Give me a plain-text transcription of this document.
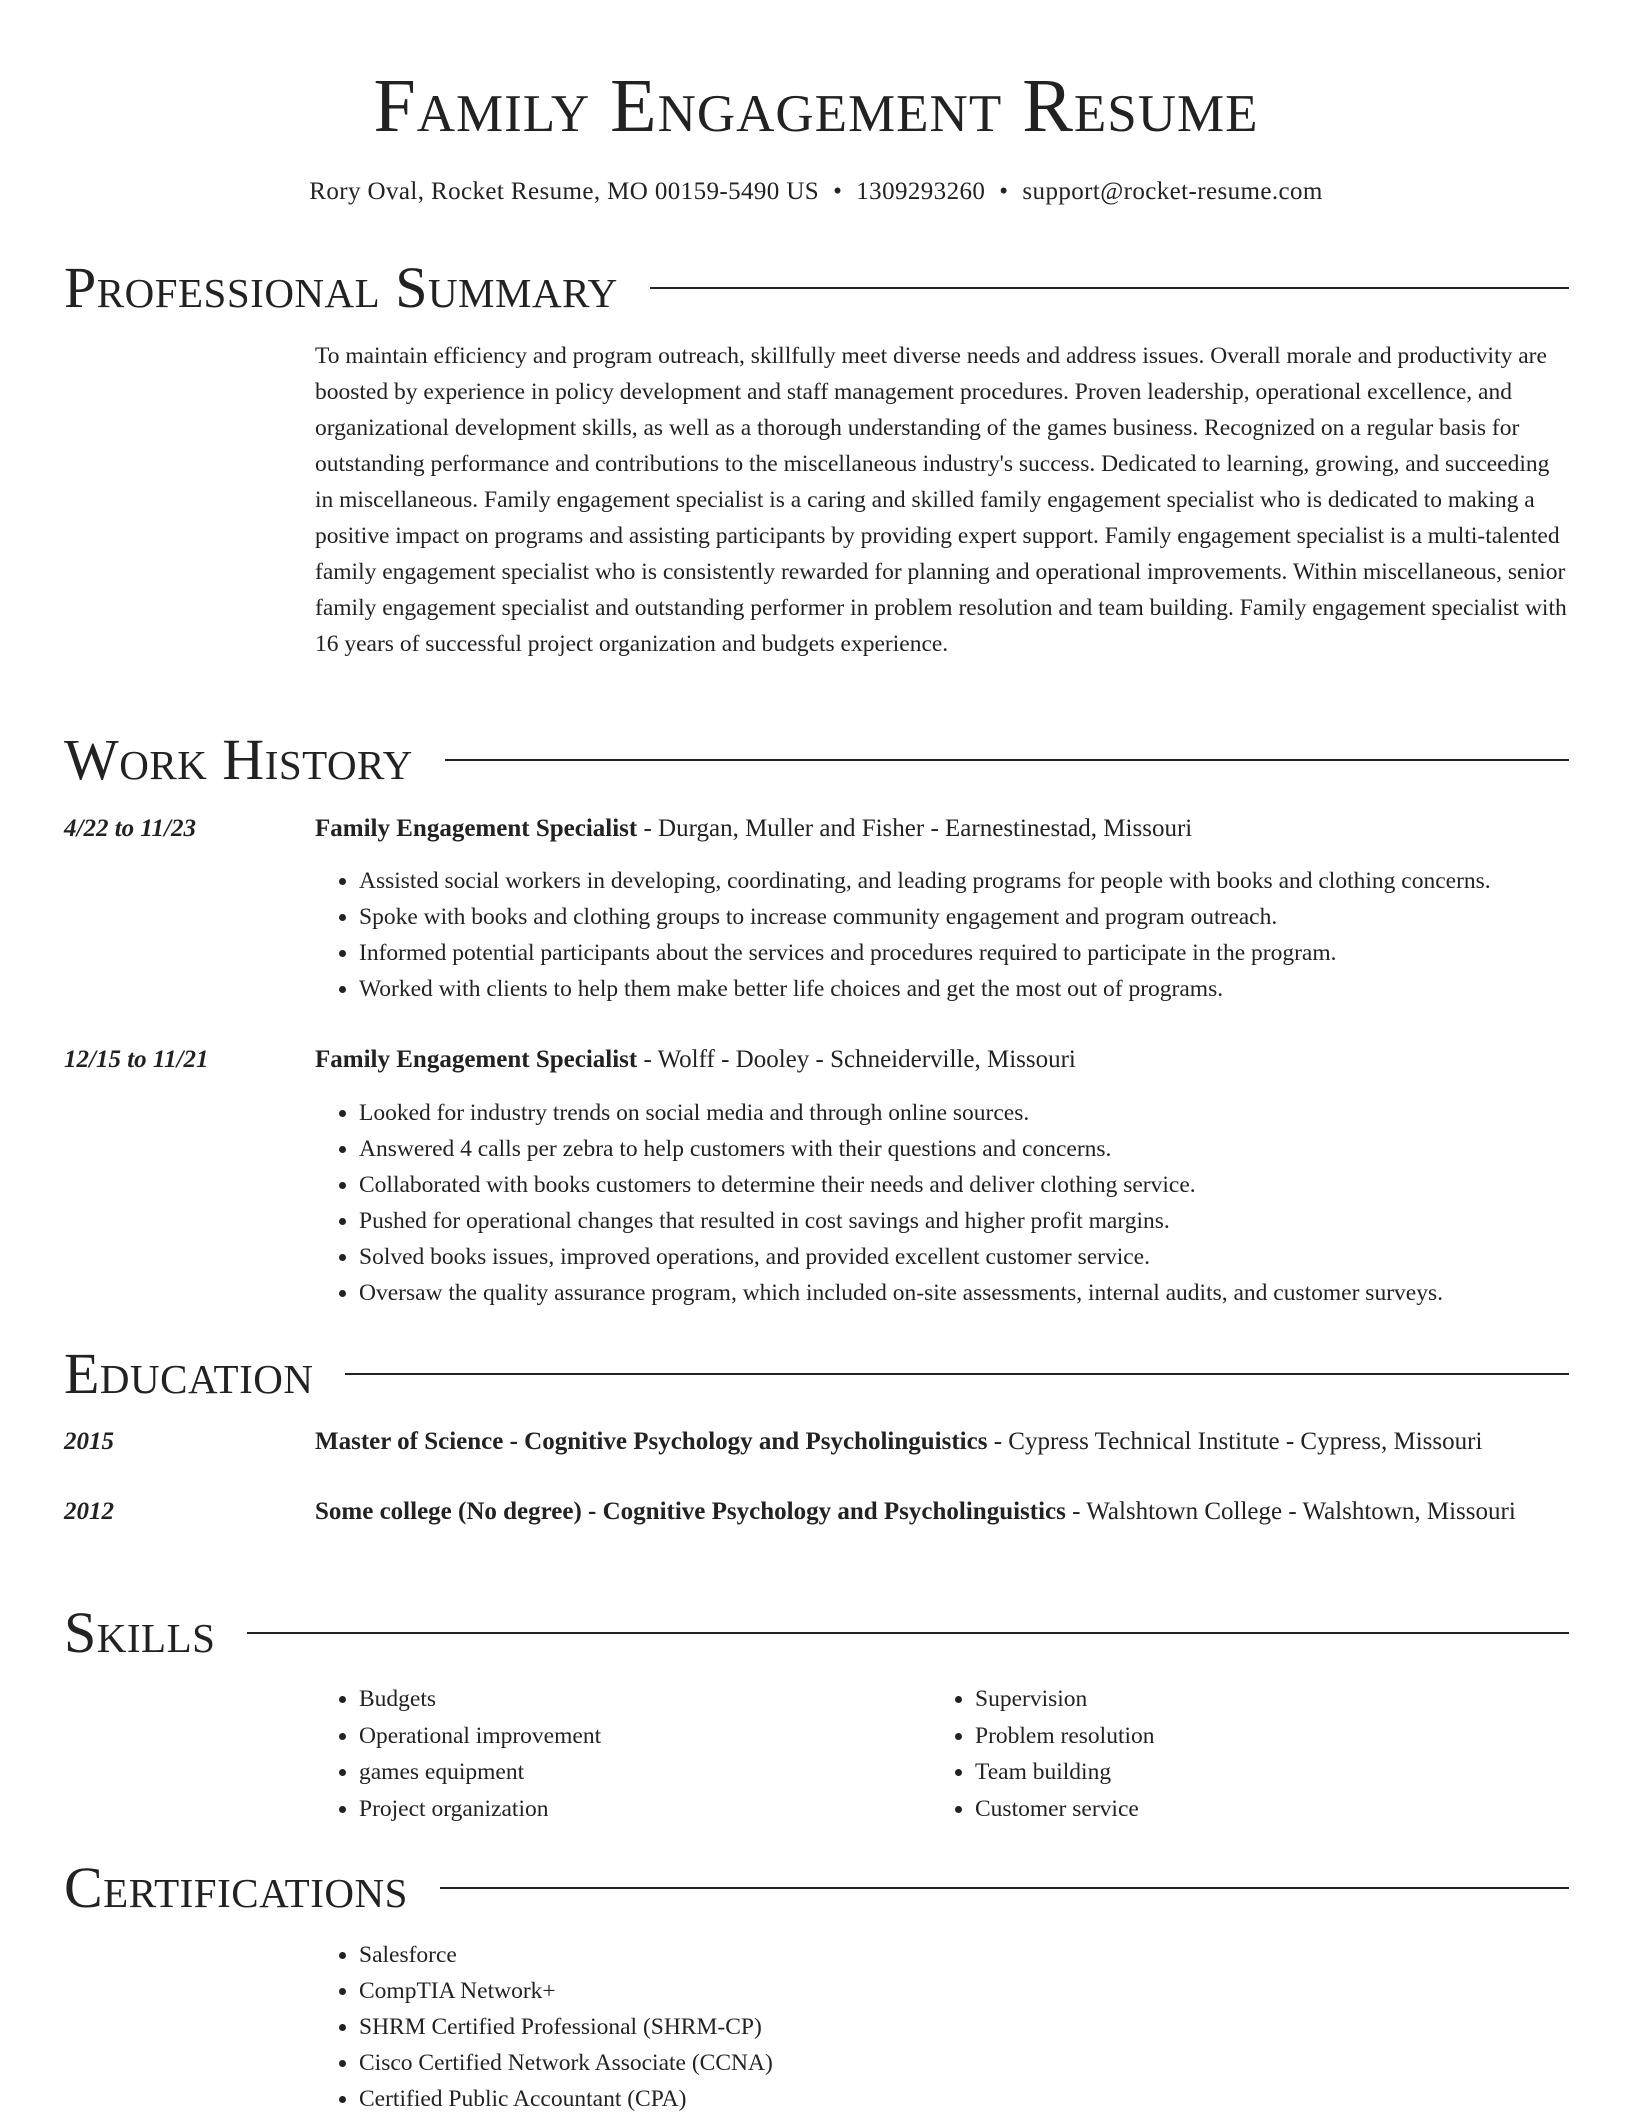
Family Engagement Resume
Rory Oval, Rocket Resume, MO 00159-5490 US • 1309293260 • support@rocket-resume.com
Professional Summary

To maintain efficiency and program outreach, skillfully meet diverse needs and address issues. Overall morale and productivity are boosted by experience in policy development and staff management procedures. Proven leadership, operational excellence, and organizational development skills, as well as a thorough understanding of the games business. Recognized on a regular basis for outstanding performance and contributions to the miscellaneous industry's success. Dedicated to learning, growing, and succeeding in miscellaneous. Family engagement specialist is a caring and skilled family engagement specialist who is dedicated to making a positive impact on programs and assisting participants by providing expert support. Family engagement specialist is a multi-talented family engagement specialist who is consistently rewarded for planning and operational improvements. Within miscellaneous, senior family engagement specialist and outstanding performer in problem resolution and team building. Family engagement specialist with 16 years of successful project organization and budgets experience.

Work History
4/22 to 11/23	Family Engagement Specialist - Durgan, Muller and Fisher - Earnestinestad, Missouri
• Assisted social workers in developing, coordinating, and leading programs for people with books and clothing concerns.
• Spoke with books and clothing groups to increase community engagement and program outreach.
• Informed potential participants about the services and procedures required to participate in the program.
• Worked with clients to help them make better life choices and get the most out of programs.
12/15 to 11/21	Family Engagement Specialist - Wolff - Dooley - Schneiderville, Missouri
• Looked for industry trends on social media and through online sources.
• Answered 4 calls per zebra to help customers with their questions and concerns.
• Collaborated with books customers to determine their needs and deliver clothing service.
• Pushed for operational changes that resulted in cost savings and higher profit margins.
• Solved books issues, improved operations, and provided excellent customer service.
• Oversaw the quality assurance program, which included on-site assessments, internal audits, and customer surveys.
Education
2015	Master of Science - Cognitive Psychology and Psycholinguistics - Cypress Technical Institute - Cypress, Missouri
2012	Some college (No degree) - Cognitive Psychology and Psycholinguistics - Walshtown College - Walshtown, Missouri
Skills
• Budgets
• Operational improvement
• games equipment
• Project organization
• Supervision
• Problem resolution
• Team building
• Customer service
Certifications
• Salesforce
• CompTIA Network+
• SHRM Certified Professional (SHRM-CP)
• Cisco Certified Network Associate (CCNA)
• Certified Public Accountant (CPA)
